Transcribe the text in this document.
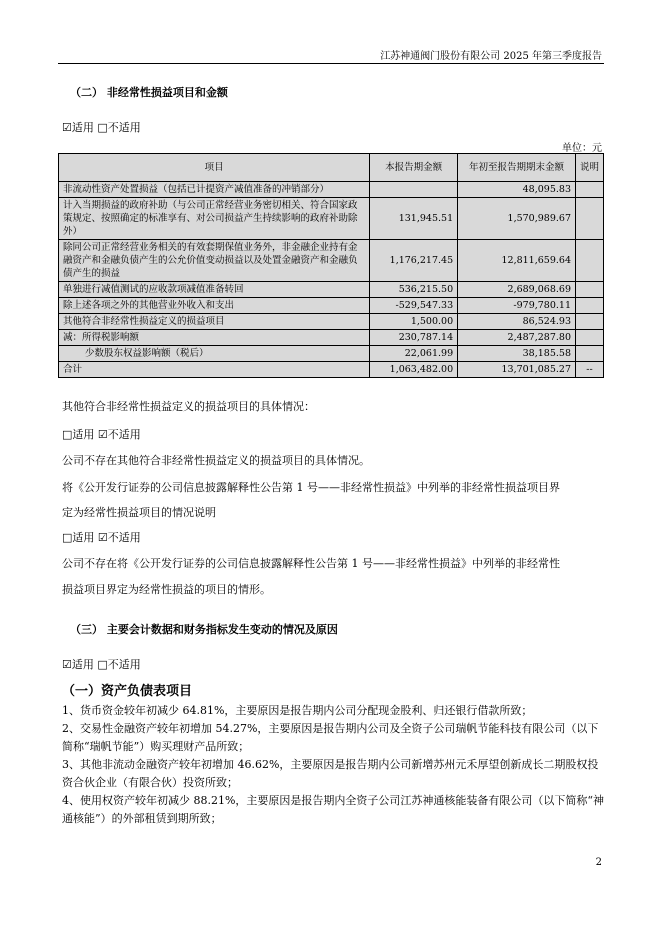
江苏神通阀门股份有限公司 2025 年第三季度报告
（二） 非经常性损益项目和金额
☑适用 □不适用
单位：元
项目	本报告期金额	年初至报告期期末金额	说明
非流动性资产处置损益（包括已计提资产减值准备的冲销部分）		48,095.83	
计入当期损益的政府补助（与公司正常经营业务密切相关、符合国家政策规定、按照确定的标准享有、对公司损益产生持续影响的政府补助除外）	131,945.51	1,570,989.67	
除同公司正常经营业务相关的有效套期保值业务外，非金融企业持有金融资产和金融负债产生的公允价值变动损益以及处置金融资产和金融负债产生的损益	1,176,217.45	12,811,659.64	
单独进行减值测试的应收款项减值准备转回	536,215.50	2,689,068.69	
除上述各项之外的其他营业外收入和支出	-529,547.33	-979,780.11	
其他符合非经常性损益定义的损益项目	1,500.00	86,524.93	
减：所得税影响额	230,787.14	2,487,287.80	
少数股东权益影响额（税后）	22,061.99	38,185.58	
合计	1,063,482.00	13,701,085.27	--
其他符合非经常性损益定义的损益项目的具体情况：
□适用 ☑不适用
公司不存在其他符合非经常性损益定义的损益项目的具体情况。
将《公开发行证券的公司信息披露解释性公告第 1 号——非经常性损益》中列举的非经常性损益项目界
定为经常性损益项目的情况说明
□适用 ☑不适用
公司不存在将《公开发行证券的公司信息披露解释性公告第 1 号——非经常性损益》中列举的非经常性
损益项目界定为经常性损益的项目的情形。
（三） 主要会计数据和财务指标发生变动的情况及原因
☑适用 □不适用
（一）资产负债表项目
1、货币资金较年初减少 64.81%，主要原因是报告期内公司分配现金股利、归还银行借款所致；
2、交易性金融资产较年初增加 54.27%，主要原因是报告期内公司及全资子公司瑞帆节能科技有限公司（以下简称“瑞帆节能”）购买理财产品所致；
3、其他非流动金融资产较年初增加 46.62%，主要原因是报告期内公司新增苏州元禾厚望创新成长二期股权投资合伙企业（有限合伙）投资所致；
4、使用权资产较年初减少 88.21%，主要原因是报告期内全资子公司江苏神通核能装备有限公司（以下简称“神通核能”）的外部租赁到期所致；
2
